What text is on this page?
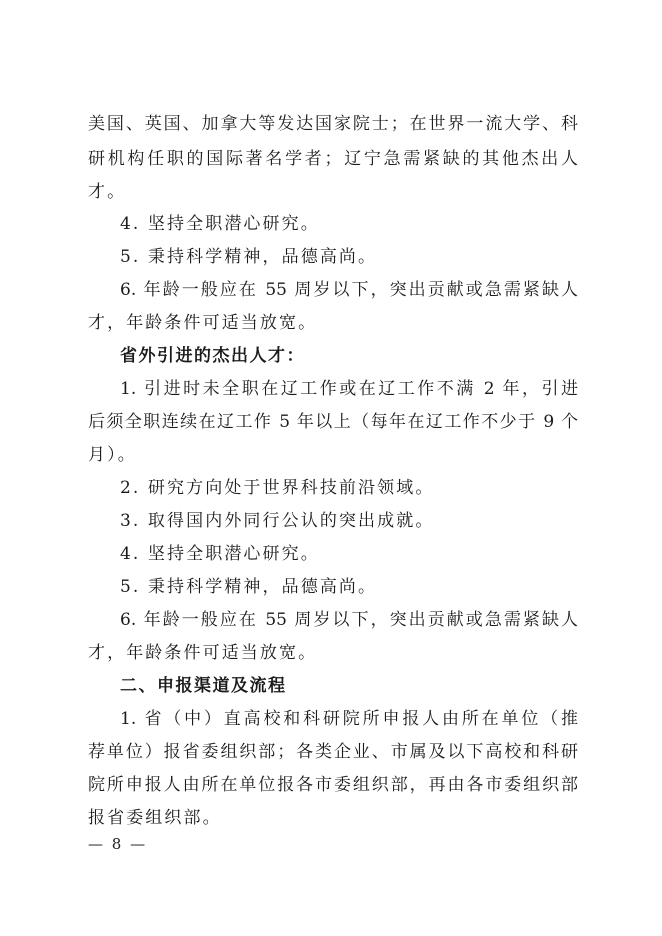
美国、英国、加拿大等发达国家院士；在世界一流大学、科

研机构任职的国际著名学者；辽宁急需紧缺的其他杰出人

才。

4. 坚持全职潜心研究。

5. 秉持科学精神，品德高尚。

6. 年龄一般应在 55 周岁以下，突出贡献或急需紧缺人

才，年龄条件可适当放宽。

省外引进的杰出人才：

1. 引进时未全职在辽工作或在辽工作不满 2 年，引进

后须全职连续在辽工作 5 年以上（每年在辽工作不少于 9 个

月）。

2. 研究方向处于世界科技前沿领域。

3. 取得国内外同行公认的突出成就。

4. 坚持全职潜心研究。

5. 秉持科学精神，品德高尚。

6. 年龄一般应在 55 周岁以下，突出贡献或急需紧缺人

才，年龄条件可适当放宽。

二、申报渠道及流程

1. 省（中）直高校和科研院所申报人由所在单位（推

荐单位）报省委组织部；各类企业、市属及以下高校和科研

院所申报人由所在单位报各市委组织部，再由各市委组织部

报省委组织部。

— 8 —
